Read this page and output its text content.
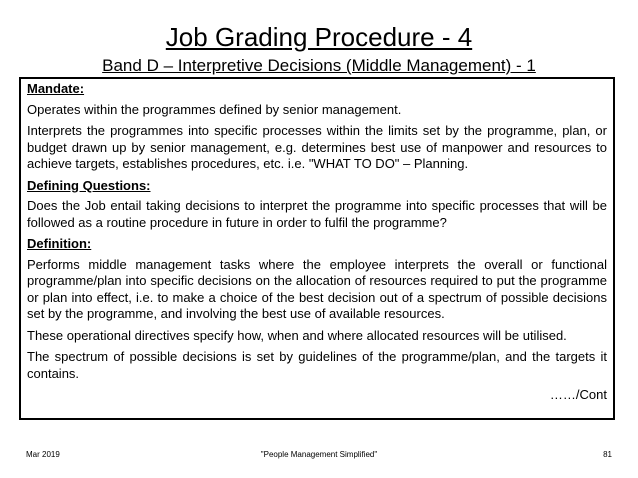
Job Grading Procedure - 4
Band D – Interpretive Decisions (Middle Management) - 1

Mandate:

Operates within the programmes defined by senior management.

Interprets the programmes into specific processes within the limits set by the programme, plan, or budget drawn up by senior management, e.g. determines best use of manpower and resources to achieve targets, establishes procedures, etc. i.e. "WHAT TO DO" – Planning.

Defining Questions:

Does the Job entail taking decisions to interpret the programme into specific processes that will be followed as a routine procedure in future in order to fulfil the programme?

Definition:

Performs middle management tasks where the employee interprets the overall or functional programme/plan into specific decisions on the allocation of resources required to put the programme or plan into effect, i.e. to make a choice of the best decision out of a spectrum of possible decisions set by the programme, and involving the best use of available resources.

These operational directives specify how, when and where allocated resources will be utilised.

The spectrum of possible decisions is set by guidelines of the programme/plan, and the targets it contains.

……/Cont

Mar 2019	"People Management Simplified"	81
